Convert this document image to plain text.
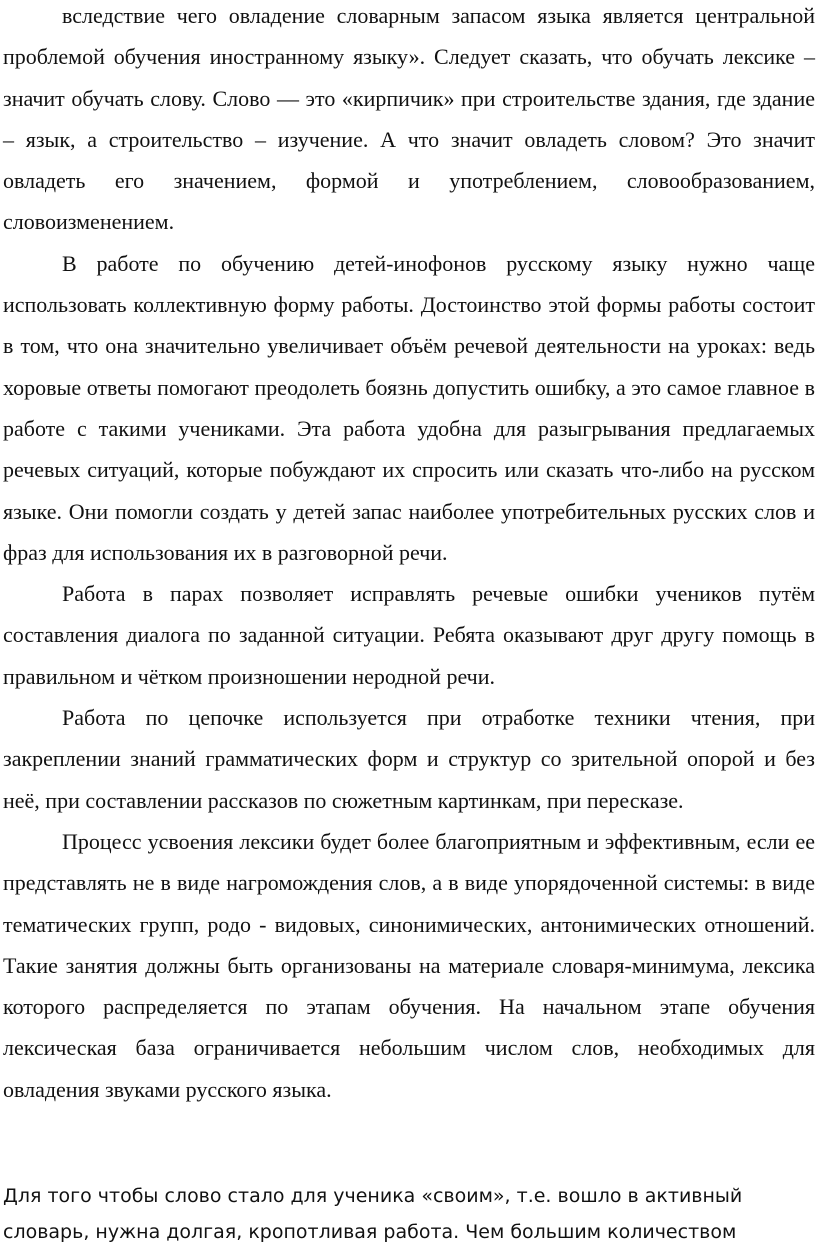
вследствие чего овладение словарным запасом языка является центральной проблемой обучения иностранному языку». Следует сказать, что обучать лексике – значит обучать слову. Слово — это «кирпичик» при строительстве здания, где здание – язык, а строительство – изучение. А что значит овладеть словом? Это значит овладеть его значением, формой и употреблением, словообразованием, словоизменением.

В работе по обучению детей-инофонов русскому языку нужно чаще использовать коллективную форму работы. Достоинство этой формы работы состоит в том, что она значительно увеличивает объём речевой деятельности на уроках: ведь хоровые ответы помогают преодолеть боязнь допустить ошибку, а это самое главное в работе с такими учениками. Эта работа удобна для разыгрывания предлагаемых речевых ситуаций, которые побуждают их спросить или сказать что-либо на русском языке. Они помогли создать у детей запас наиболее употребительных русских слов и фраз для использования их в разговорной речи.

Работа в парах позволяет исправлять речевые ошибки учеников путём составления диалога по заданной ситуации. Ребята оказывают друг другу помощь в правильном и чётком произношении неродной речи.

Работа по цепочке используется при отработке техники чтения, при закреплении знаний грамматических форм и структур со зрительной опорой и без неё, при составлении рассказов по сюжетным картинкам, при пересказе.

Процесс усвоения лексики будет более благоприятным и эффективным, если ее представлять не в виде нагромождения слов, а в виде упорядоченной системы: в виде тематических групп, родо - видовых, синонимических, антонимических отношений. Такие занятия должны быть организованы на материале словаря-минимума, лексика которого распределяется по этапам обучения. На начальном этапе обучения лексическая база ограничивается небольшим числом слов, необходимых для овладения звуками русского языка.

Для того чтобы слово стало для ученика «своим», т.е. вошло в активный

словарь, нужна долгая, кропотливая работа. Чем большим количеством
